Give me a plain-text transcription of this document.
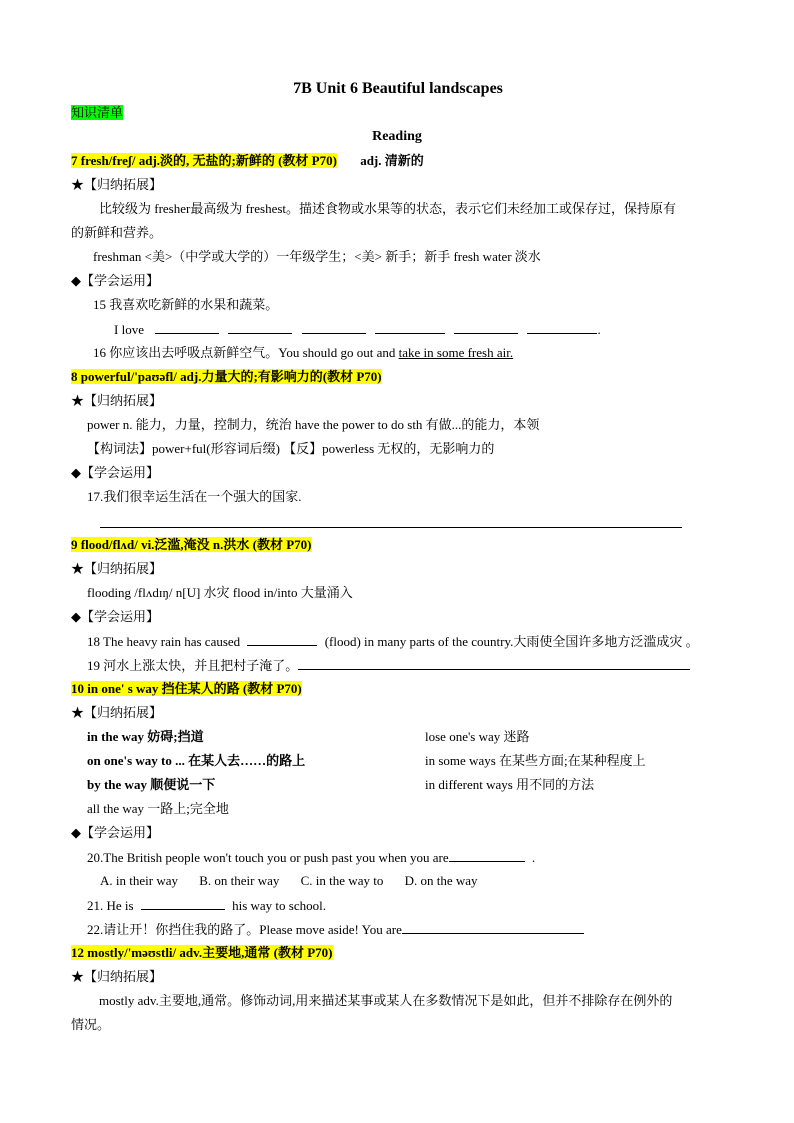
7B Unit 6 Beautiful landscapes
知识清单
Reading
7 fresh/freʃ/ adj.淡的, 无盐的;新鲜的 (教材 P70) adj. 清新的
★【归纳拓展】
比较级为 fresher最高级为 freshest。描述食物或水果等的状态，表示它们未经加工或保存过，保持原有
的新鲜和营养。
freshman <美>（中学或大学的）一年级学生；<美> 新手；新手 fresh water 淡水
◆【学会运用】
15 我喜欢吃新鲜的水果和蔬菜。
I love	.
16 你应该出去呼吸点新鲜空气。You should go out and take in some fresh air.
8 powerful/'paʊəfl/ adj.力量大的;有影响力的(教材 P70)
★【归纳拓展】
power n. 能力，力量，控制力，统治 have the power to do sth 有做...的能力，本领
【构词法】power+ful(形容词后缀) 【反】powerless 无权的，无影响力的
◆【学会运用】
17.我们很幸运生活在一个强大的国家.
9 flood/flʌd/ vi.泛滥,淹没 n.洪水 (教材 P70)
★【归纳拓展】
flooding /flʌdɪŋ/ n[U] 水灾 flood in/into 大量涌入
◆【学会运用】
18 The heavy rain has caused	(flood) in many parts of the country.大雨使全国许多地方泛滥成灾 。
19 河水上涨太快，并且把村子淹了。
10 in one' s way 挡住某人的路 (教材 P70)
★【归纳拓展】
in the way 妨碍;挡道	lose one's way 迷路
on one's way to ... 在某人去……的路上	in some ways 在某些方面;在某种程度上
by the way 顺便说一下	in different ways 用不同的方法
all the way 一路上;完全地
◆【学会运用】
20.The British people won't touch you or push past you when you are	.
A. in their way B. on their way C. in the way to D. on the way
21. He is	his way to school.
22.请让开！你挡住我的路了。Please move aside! You are
12 mostly/'məʊstli/ adv.主要地,通常 (教材 P70)
★【归纳拓展】
mostly adv.主要地,通常。修饰动词,用来描述某事或某人在多数情况下是如此，但并不排除存在例外的
情况。
